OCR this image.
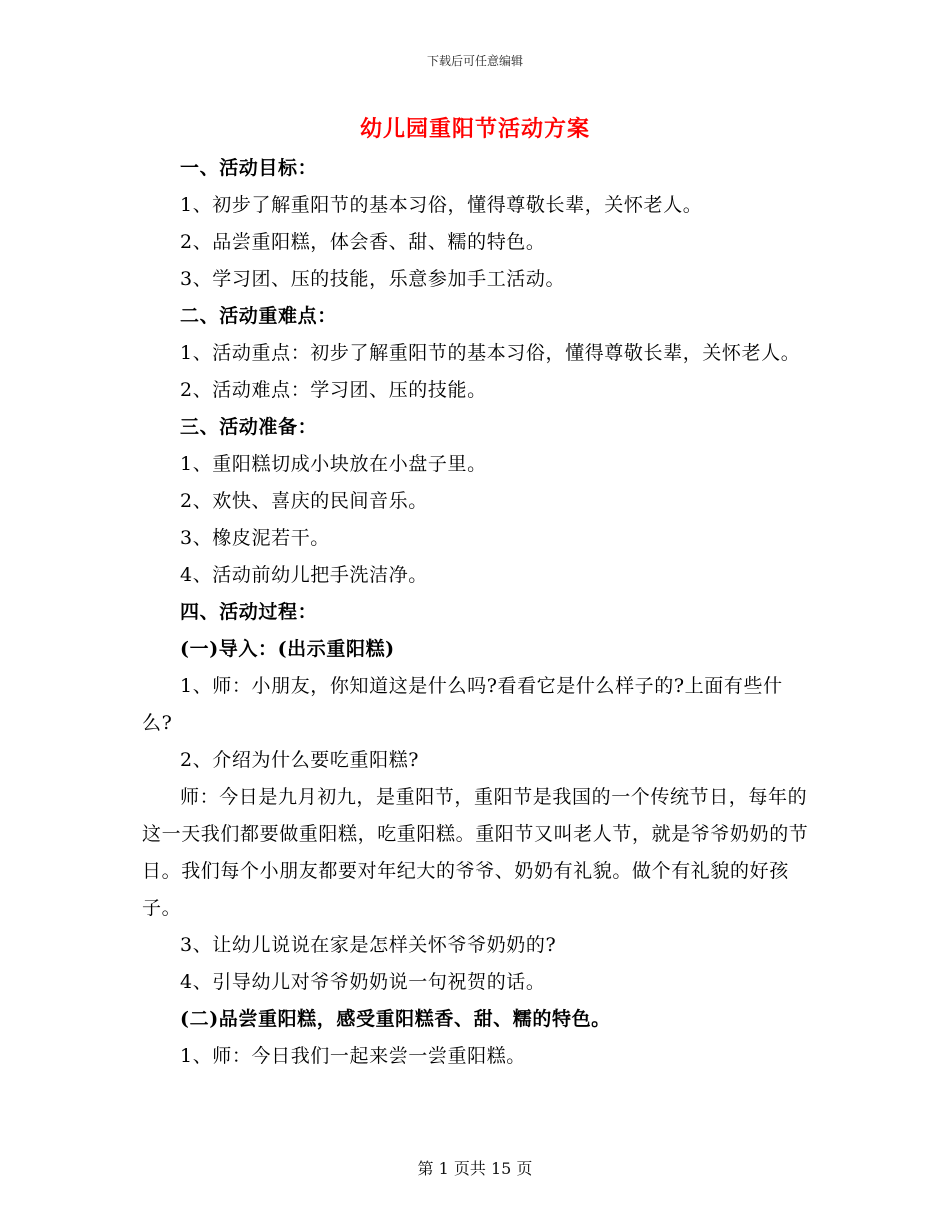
下载后可任意编辑
幼儿园重阳节活动方案

一、活动目标：

1、初步了解重阳节的基本习俗，懂得尊敬长辈，关怀老人。

2、品尝重阳糕，体会香、甜、糯的特色。

3、学习团、压的技能，乐意参加手工活动。

二、活动重难点：

1、活动重点：初步了解重阳节的基本习俗，懂得尊敬长辈，关怀老人。

2、活动难点：学习团、压的技能。

三、活动准备：

1、重阳糕切成小块放在小盘子里。

2、欢快、喜庆的民间音乐。

3、橡皮泥若干。

4、活动前幼儿把手洗洁净。

四、活动过程：

(一)导入：(出示重阳糕)

1、师：小朋友，你知道这是什么吗?看看它是什么样子的?上面有些什么?

2、介绍为什么要吃重阳糕?

师：今日是九月初九，是重阳节，重阳节是我国的一个传统节日，每年的这一天我们都要做重阳糕，吃重阳糕。重阳节又叫老人节，就是爷爷奶奶的节日。我们每个小朋友都要对年纪大的爷爷、奶奶有礼貌。做个有礼貌的好孩子。

3、让幼儿说说在家是怎样关怀爷爷奶奶的?

4、引导幼儿对爷爷奶奶说一句祝贺的话。

(二)品尝重阳糕，感受重阳糕香、甜、糯的特色。

1、师：今日我们一起来尝一尝重阳糕。

第 1 页共 15 页
